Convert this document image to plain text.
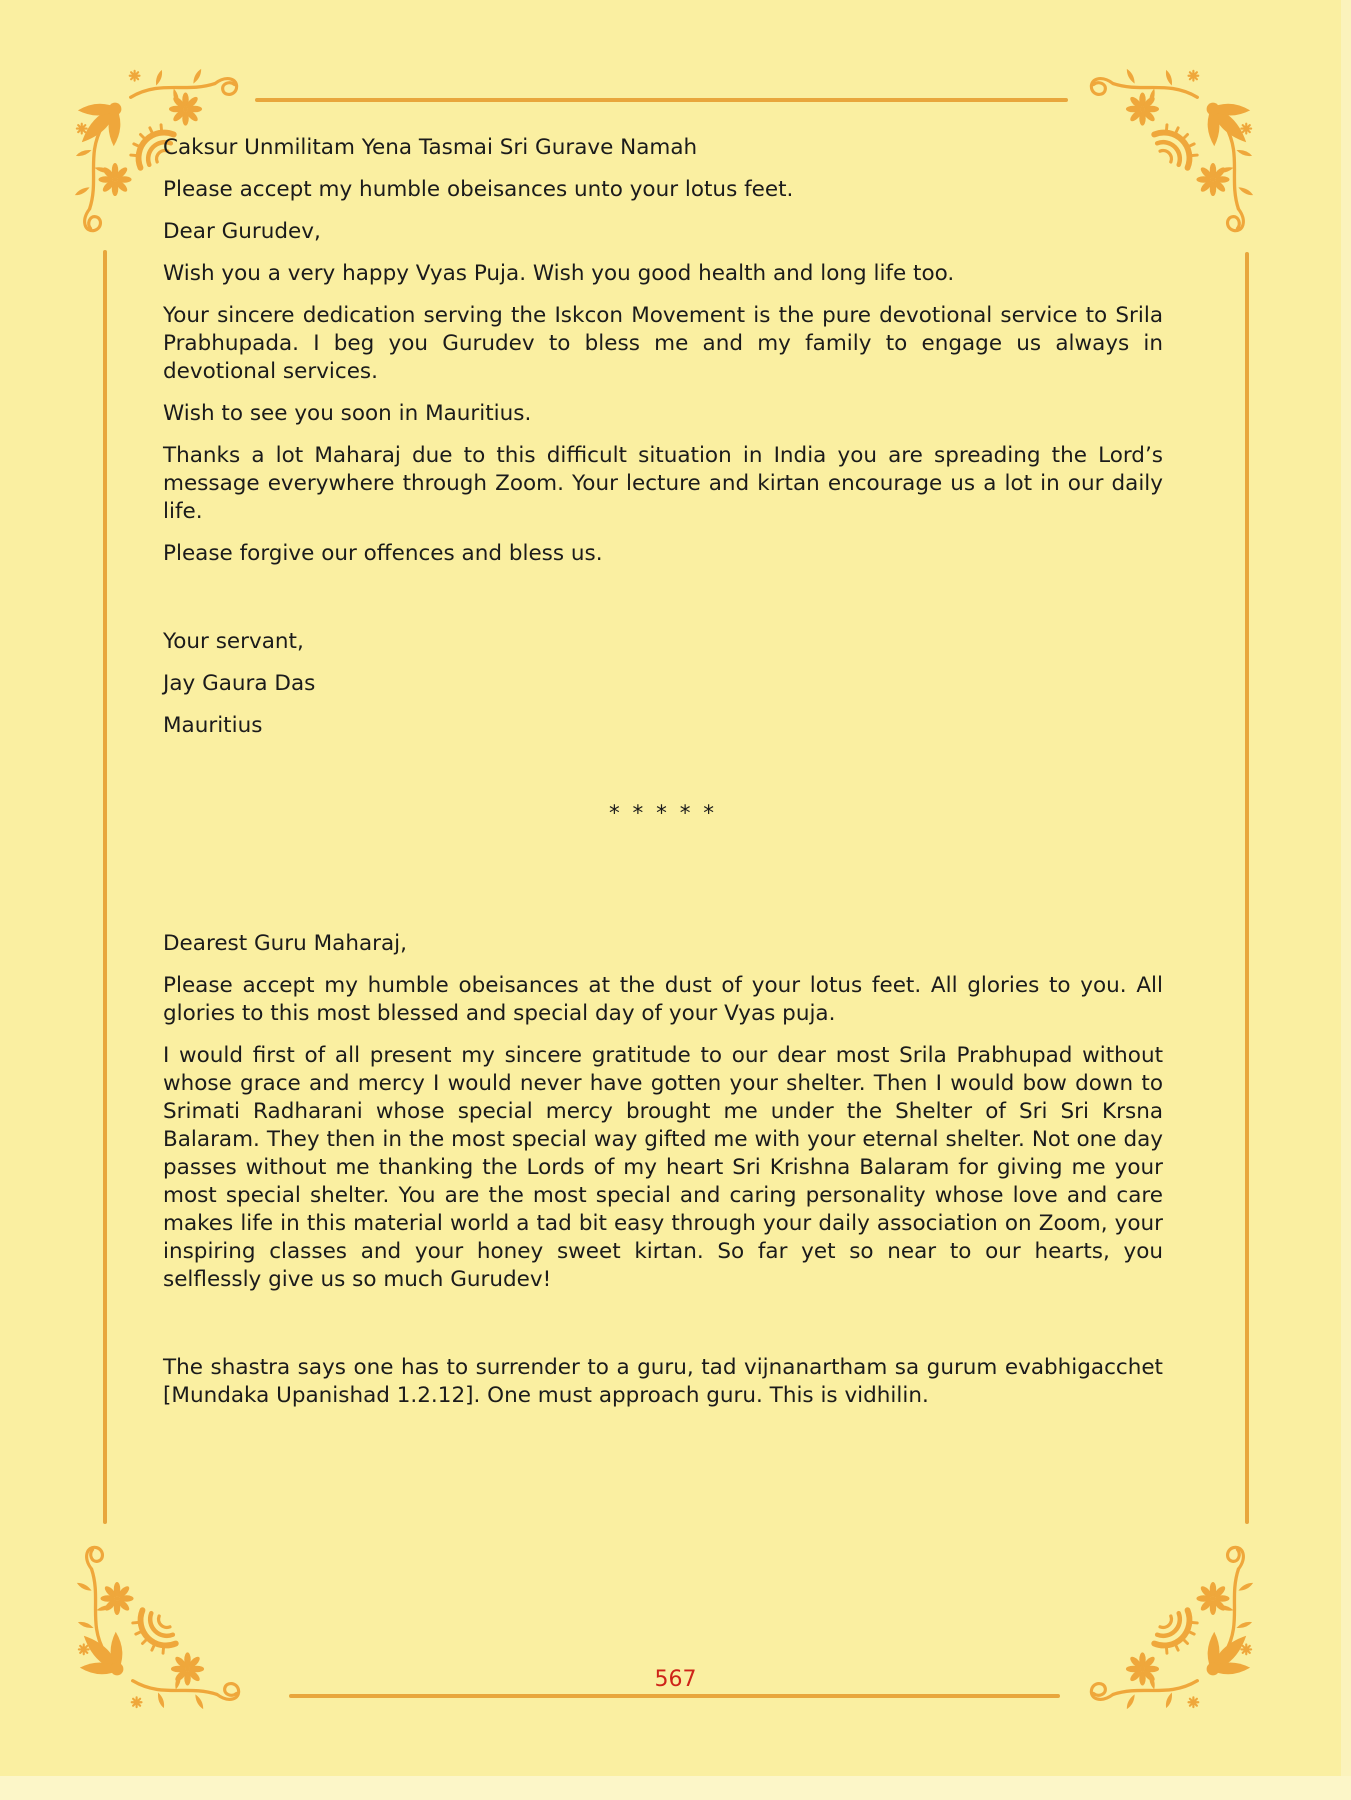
Caksur Unmilitam Yena Tasmai Sri Gurave Namah

Please accept my humble obeisances unto your lotus feet.

Dear Gurudev,

Wish you a very happy Vyas Puja. Wish you good health and long life too.

Your sincere dedication serving the Iskcon Movement is the pure devotional service to Srila Prabhupada. I beg you Gurudev to bless me and my family to engage us always in devotional services.

Wish to see you soon in Mauritius.

Thanks a lot Maharaj due to this difficult situation in India you are spreading the Lord’s message everywhere through Zoom. Your lecture and kirtan encourage us a lot in our daily life.

Please forgive our offences and bless us.

Your servant,

Jay Gaura Das

Mauritius

* * * * *

Dearest Guru Maharaj,

Please accept my humble obeisances at the dust of your lotus feet. All glories to you. All glories to this most blessed and special day of your Vyas puja.

I would first of all present my sincere gratitude to our dear most Srila Prabhupad without whose grace and mercy I would never have gotten your shelter. Then I would bow down to Srimati Radharani whose special mercy brought me under the Shelter of Sri Sri Krsna Balaram. They then in the most special way gifted me with your eternal shelter. Not one day passes without me thanking the Lords of my heart Sri Krishna Balaram for giving me your most special shelter. You are the most special and caring personality whose love and care makes life in this material world a tad bit easy through your daily association on Zoom, your inspiring classes and your honey sweet kirtan. So far yet so near to our hearts, you selflessly give us so much Gurudev!

The shastra says one has to surrender to a guru, tad vijnanartham sa gurum evabhigacchet [Mundaka Upanishad 1.2.12]. One must approach guru. This is vidhilin.

567
